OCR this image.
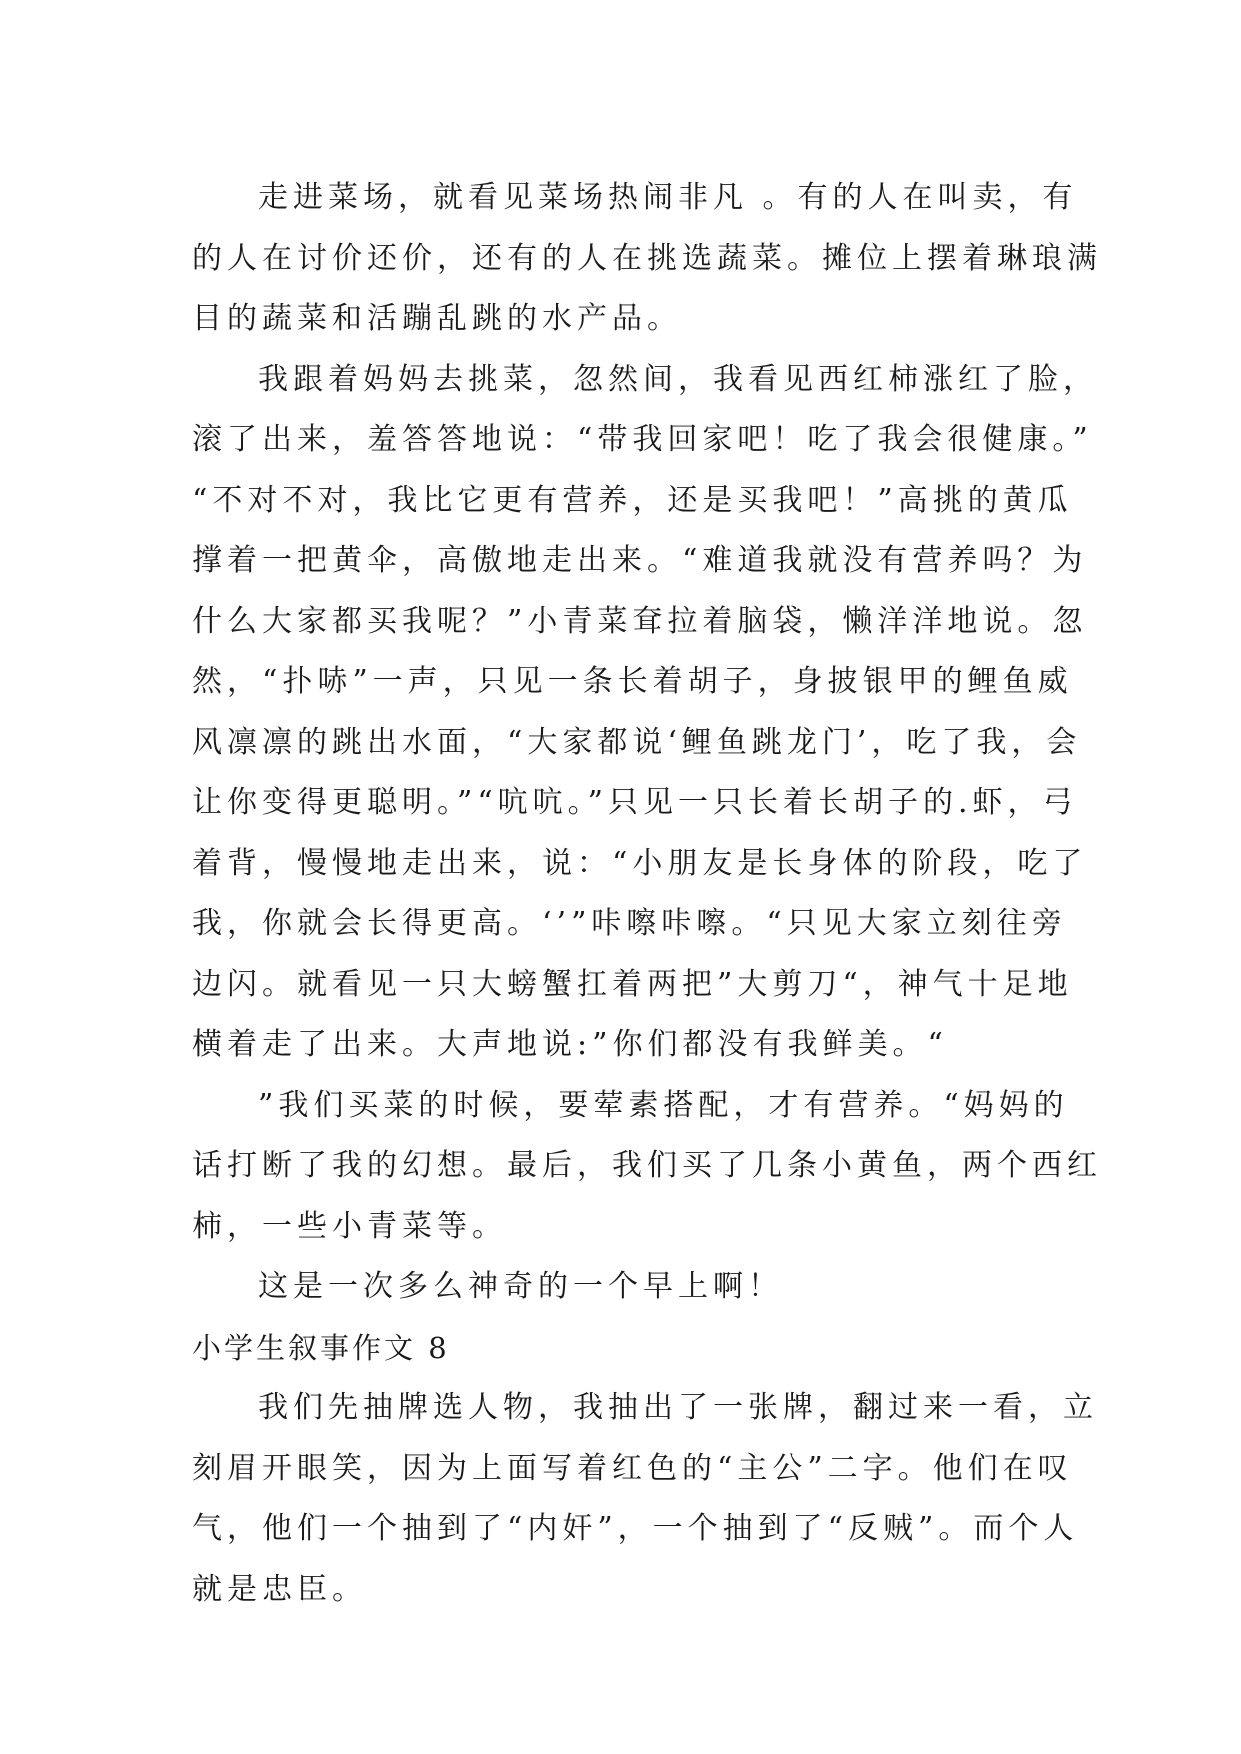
走进菜场，就看见菜场热闹非凡 。有的人在叫卖，有
的人在讨价还价，还有的人在挑选蔬菜。摊位上摆着琳琅满
目的蔬菜和活蹦乱跳的水产品。
我跟着妈妈去挑菜，忽然间，我看见西红柿涨红了脸，
滚了出来，羞答答地说：“带我回家吧！吃了我会很健康。”
“不对不对，我比它更有营养，还是买我吧！”高挑的黄瓜
撑着一把黄伞，高傲地走出来。“难道我就没有营养吗？为
什么大家都买我呢？”小青菜耷拉着脑袋，懒洋洋地说。忽
然，“扑哧”一声，只见一条长着胡子，身披银甲的鲤鱼威
风凛凛的跳出水面，“大家都说‘鲤鱼跳龙门’，吃了我，会
让你变得更聪明。”“吭吭。”只见一只长着长胡子的.虾，弓
着背，慢慢地走出来，说：“小朋友是长身体的阶段，吃了
我，你就会长得更高。‘’”咔嚓咔嚓。“只见大家立刻往旁
边闪。就看见一只大螃蟹扛着两把”大剪刀“，神气十足地
横着走了出来。大声地说:”你们都没有我鲜美。“
”我们买菜的时候，要荤素搭配，才有营养。“妈妈的
话打断了我的幻想。最后，我们买了几条小黄鱼，两个西红
柿，一些小青菜等。
这是一次多么神奇的一个早上啊！
小学生叙事作文 8
我们先抽牌选人物，我抽出了一张牌，翻过来一看，立
刻眉开眼笑，因为上面写着红色的“主公”二字。他们在叹
气，他们一个抽到了“内奸”，一个抽到了“反贼”。而个人
就是忠臣。
